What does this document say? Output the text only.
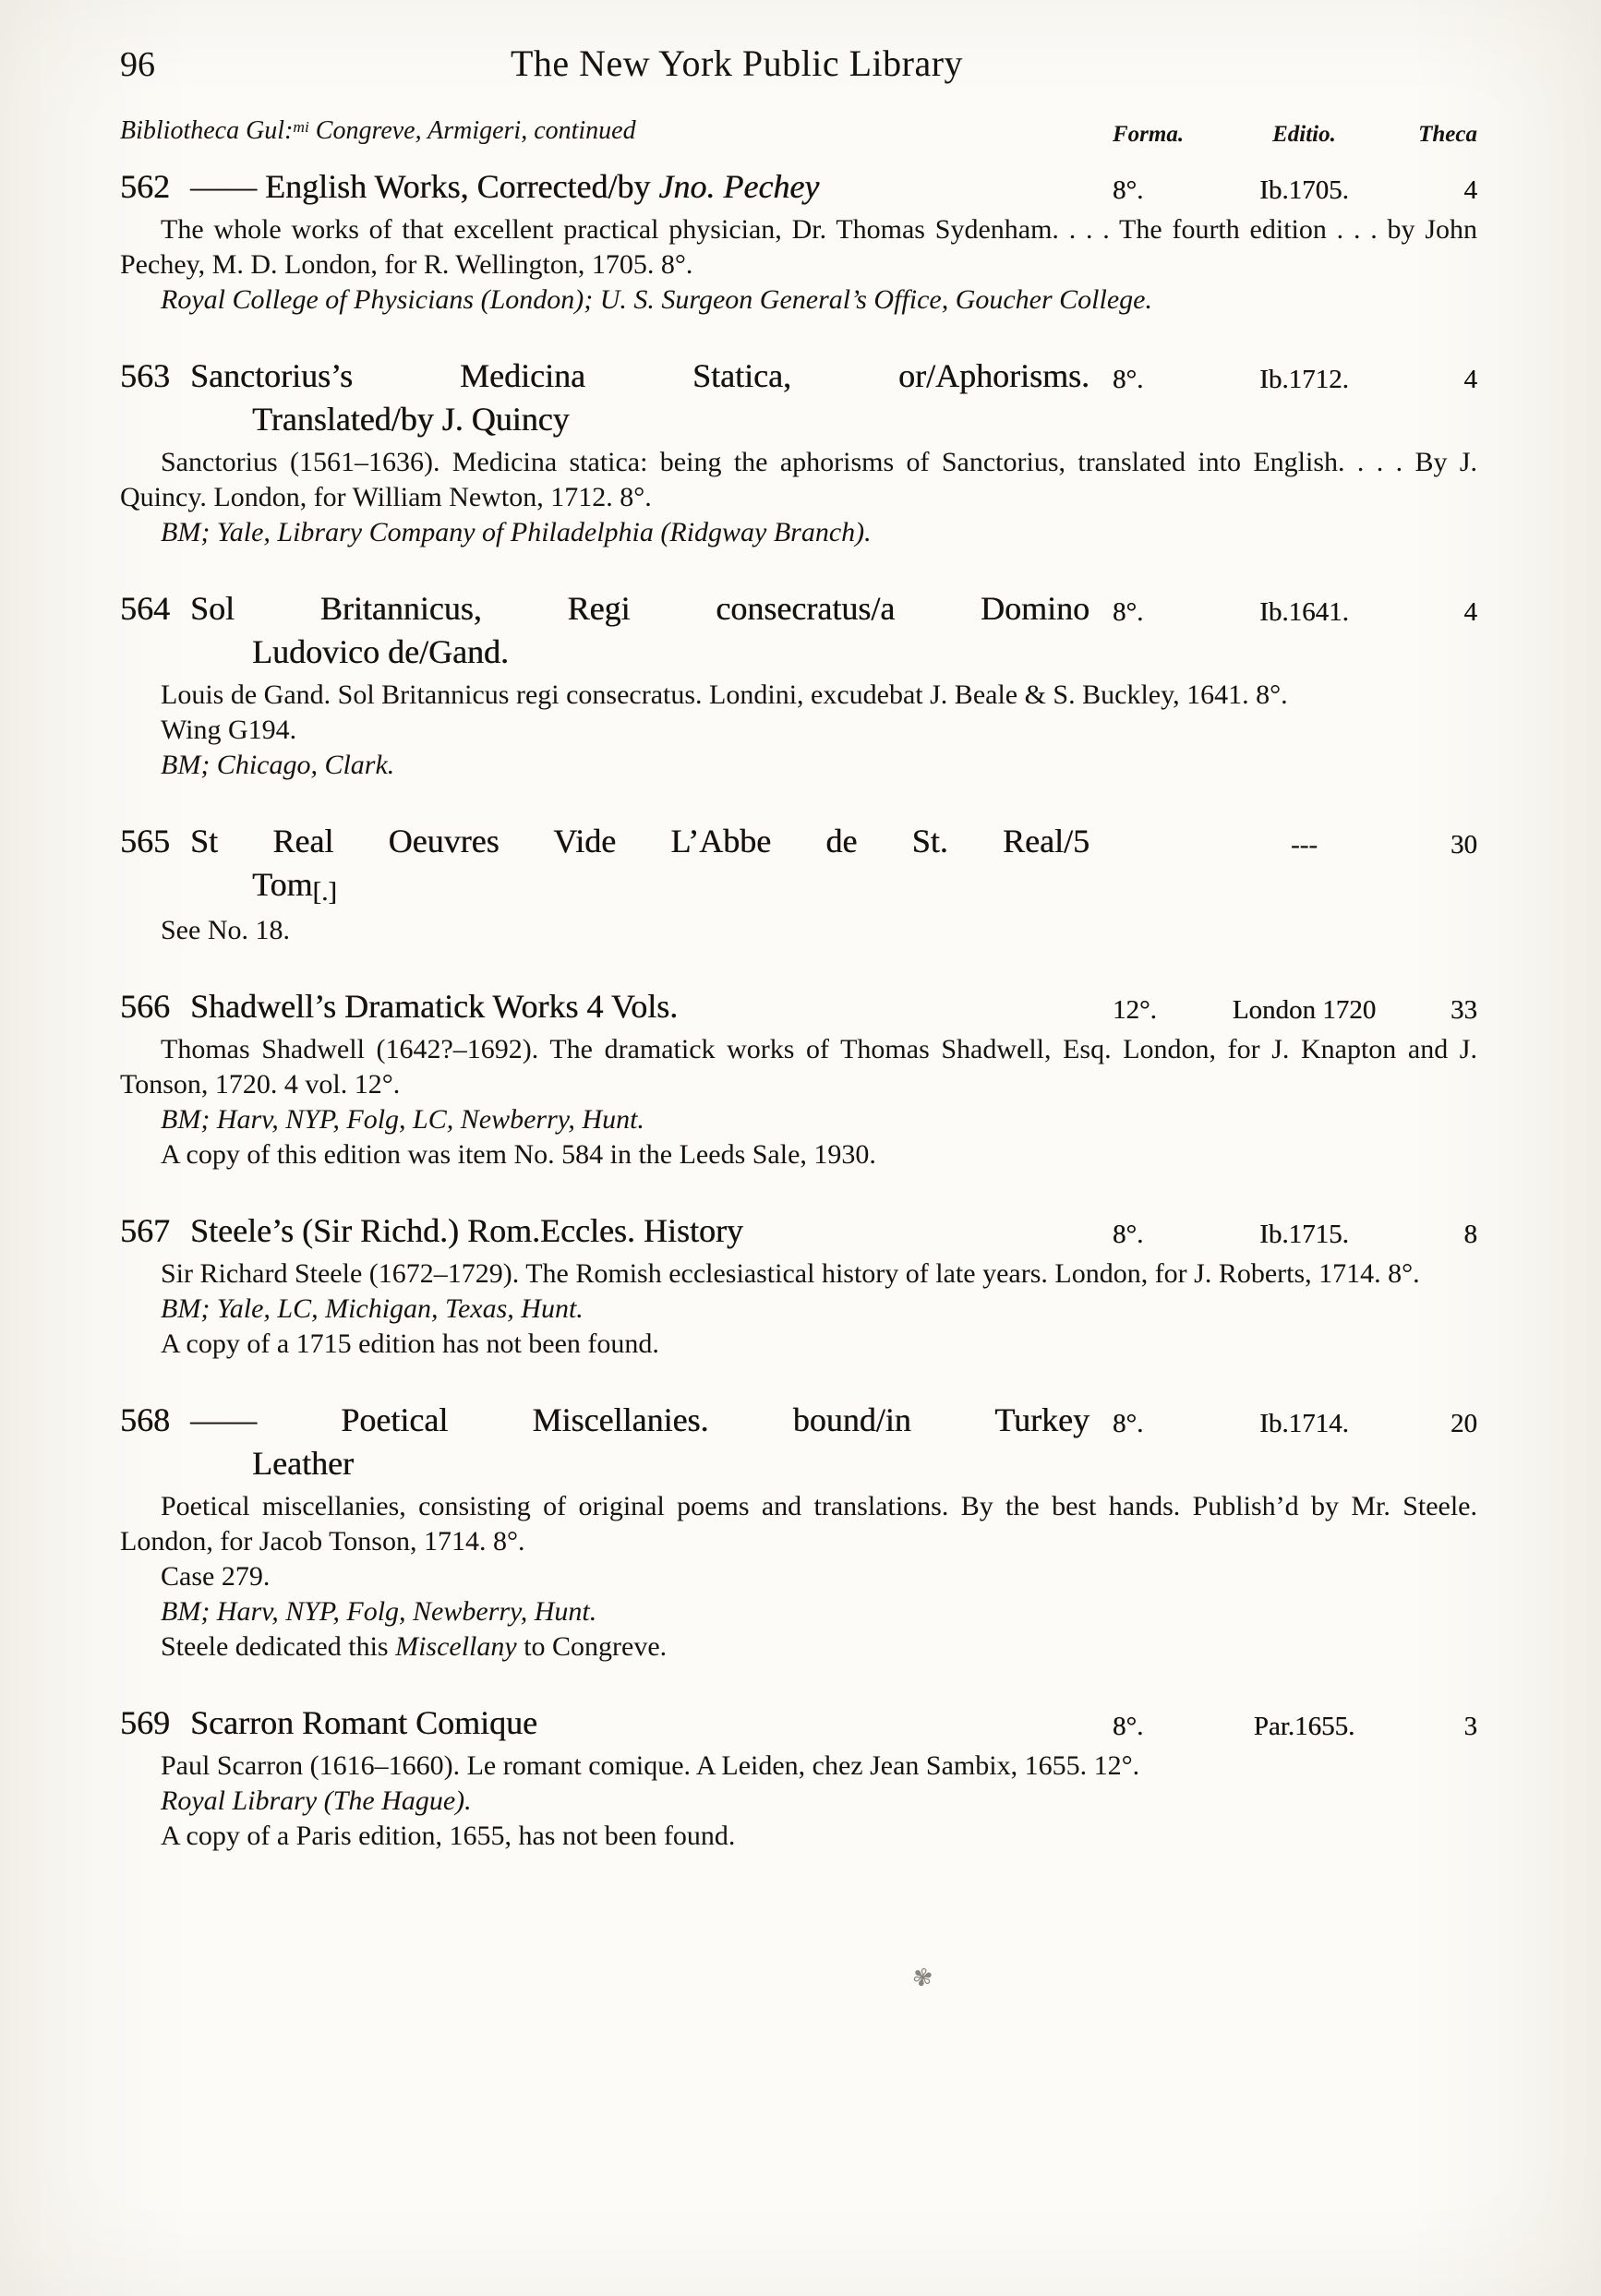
96	The New York Public Library
Bibliotheca Gul:$^{mi}$ Congreve, Armigeri, continued	Forma.	Editio.	Theca
562 —— English Works, Corrected/by Jno. Pechey	8°.	Ib.1705.	4

The whole works of that excellent practical physician, Dr. Thomas Sydenham. . . . The fourth edition . . . by John Pechey, M. D. London, for R. Wellington, 1705. 8°.

Royal College of Physicians (London); U. S. Surgeon General’s Office, Goucher College.

563 Sanctorius’s Medicina Statica, or/Aphorisms.
Translated/by J. Quincy
8°.	Ib.1712.	4

Sanctorius (1561–1636). Medicina statica: being the aphorisms of Sanctorius, translated into English. . . . By J. Quincy. London, for William Newton, 1712. 8°.

BM; Yale, Library Company of Philadelphia (Ridgway Branch).

564 Sol Britannicus, Regi consecratus/a Domino
Ludovico de/Gand.
8°.	Ib.1641.	4

Louis de Gand. Sol Britannicus regi consecratus. Londini, excudebat J. Beale & S. Buckley, 1641. 8°.

Wing G194.

BM; Chicago, Clark.

565 St Real Oeuvres Vide L’Abbe de St. Real/5
Tom[.]
---	30

See No. 18.

566 Shadwell’s Dramatick Works 4 Vols.	12°.	London 1720	33

Thomas Shadwell (1642?–1692). The dramatick works of Thomas Shadwell, Esq. London, for J. Knapton and J. Tonson, 1720. 4 vol. 12°.

BM; Harv, NYP, Folg, LC, Newberry, Hunt.

A copy of this edition was item No. 584 in the Leeds Sale, 1930.

567 Steele’s (Sir Richd.) Rom.Eccles. History	8°.	Ib.1715.	8

Sir Richard Steele (1672–1729). The Romish ecclesiastical history of late years. London, for J. Roberts, 1714. 8°.

BM; Yale, LC, Michigan, Texas, Hunt.

A copy of a 1715 edition has not been found.

568 —— Poetical Miscellanies. bound/in Turkey
Leather
8°.	Ib.1714.	20

Poetical miscellanies, consisting of original poems and translations. By the best hands. Publish’d by Mr. Steele. London, for Jacob Tonson, 1714. 8°.

Case 279.

BM; Harv, NYP, Folg, Newberry, Hunt.

Steele dedicated this Miscellany to Congreve.

569 Scarron Romant Comique	8°.	Par.1655.	3

Paul Scarron (1616–1660). Le romant comique. A Leiden, chez Jean Sambix, 1655. 12°.

Royal Library (The Hague).

A copy of a Paris edition, 1655, has not been found.

✾
